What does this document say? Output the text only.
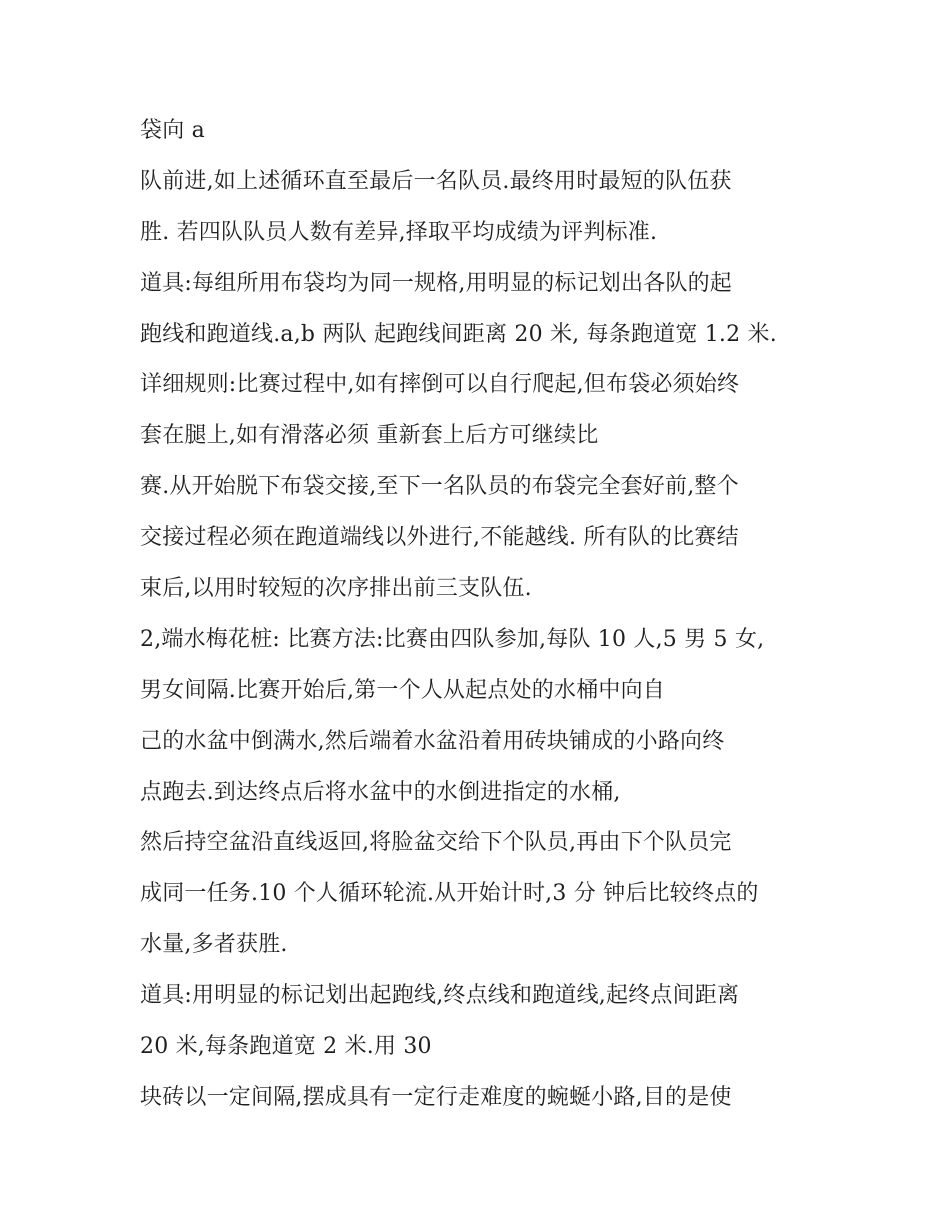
袋向 a
队前进,如上述循环直至最后一名队员.最终用时最短的队伍获
胜. 若四队队员人数有差异,择取平均成绩为评判标准.
道具:每组所用布袋均为同一规格,用明显的标记划出各队的起
跑线和跑道线.a,b 两队 起跑线间距离 20 米, 每条跑道宽 1.2 米.
详细规则:比赛过程中,如有摔倒可以自行爬起,但布袋必须始终
套在腿上,如有滑落必须 重新套上后方可继续比
赛.从开始脱下布袋交接,至下一名队员的布袋完全套好前,整个
交接过程必须在跑道端线以外进行,不能越线. 所有队的比赛结
束后,以用时较短的次序排出前三支队伍.
2,端水梅花桩: 比赛方法:比赛由四队参加,每队 10 人,5 男 5 女,
男女间隔.比赛开始后,第一个人从起点处的水桶中向自
己的水盆中倒满水,然后端着水盆沿着用砖块铺成的小路向终
点跑去.到达终点后将水盆中的水倒进指定的水桶,
然后持空盆沿直线返回,将脸盆交给下个队员,再由下个队员完
成同一任务.10 个人循环轮流.从开始计时,3 分 钟后比较终点的
水量,多者获胜.
道具:用明显的标记划出起跑线,终点线和跑道线,起终点间距离
20 米,每条跑道宽 2 米.用 30
块砖以一定间隔,摆成具有一定行走难度的蜿蜒小路,目的是使
